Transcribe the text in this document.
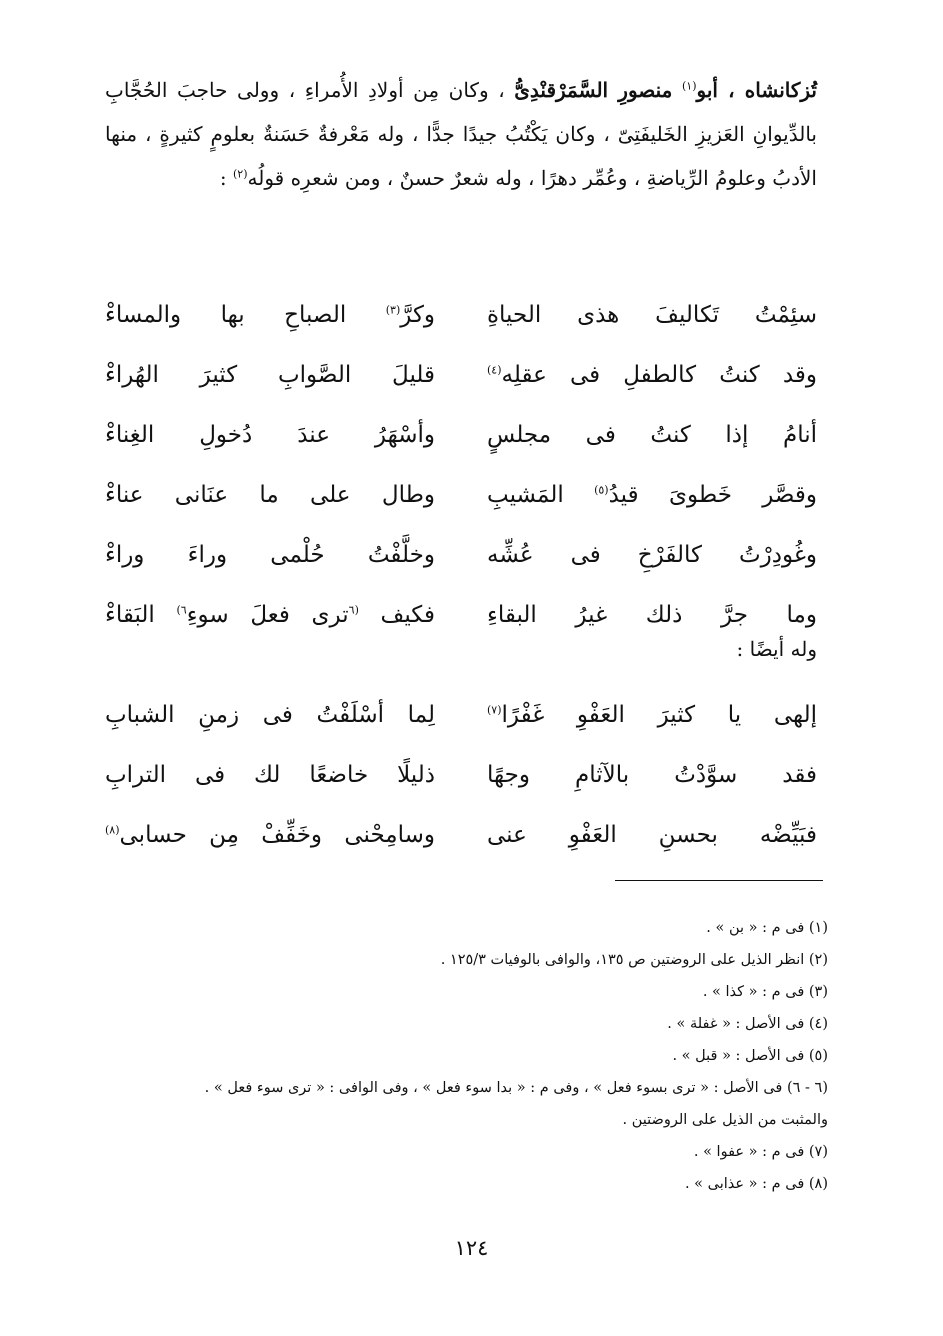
تُزكانشاه ، أبو$^{(١)}$ منصورِ السَّمَرْقنْدِىُّ ، وكان مِن أولادِ الأُمراءِ ، وولى حاجبَ الحُجَّابِ بالدِّيوانِ العَزيزِ الخَليفَتِىّ ، وكان يَكْتُبُ جيدًا جدًّا ، وله مَعْرفةٌ حَسَنةٌ بعلومٍ كثيرةٍ ، منها الأدبُ وعلومُ الرِّياضةِ ، وعُمِّر دهرًا ، وله شعرٌ حسنٌ ، ومن شعرِه قولُه$^{(٢)}$ :
سئِمْتُ تَكاليفَ هذى الحياةِ
وكرَّ$^{(٣)}$ الصباحِ بها والمساءْ
وقد كنتُ كالطفلِ فى عقلِه$^{(٤)}$
قليلَ الصَّوابِ كثيرَ الهُراءْ
أنامُ إذا كنتُ فى مجلسٍ
وأسْهَرُ عندَ دُخولِ الغِناءْ
وقصَّر خَطوىَ قيدُ$^{(٥)}$ المَشيبِ
وطال على ما عنَانى عناءْ
وغُودِرْتُ كالفَرْخِ فى عُشِّه
وخلَّفْتُ حُلْمى وراءَ وراءْ
وما جرَّ ذلك غيرُ البقاءِ
فكيف $^{(٦}$ترى فعلَ سوءِ$^{٦)}$ البَقاءْ
وله أيضًا :
إلهى يا كثيرَ العَفْوِ غَفْرًا$^{(٧)}$
لِما أسْلَفْتُ فى زمنِ الشبابِ
فقد سوَّدْتُ بالآثامِ وجهًا
ذليلًا خاضعًا لك فى الترابِ
فبَيِّضْه بحسنِ العَفْوِ عنى
وسامِحْنى وخَفِّفْ مِن حسابى$^{(٨)}$
(١) فى م : « بن » .
(٢) انظر الذيل على الروضتين ص ١٣٥، والوافى بالوفيات ١٢٥/٣ .
(٣) فى م : « كذا » .
(٤) فى الأصل : « غفلة » .
(٥) فى الأصل : « قبل » .
(٦ - ٦) فى الأصل : « ترى بسوء فعل » ، وفى م : « بدا سوء فعل » ، وفى الوافى : « ترى سوء فعل » .
والمثبت من الذيل على الروضتين .
(٧) فى م : « عفوا » .
(٨) فى م : « عذابى » .
١٢٤
